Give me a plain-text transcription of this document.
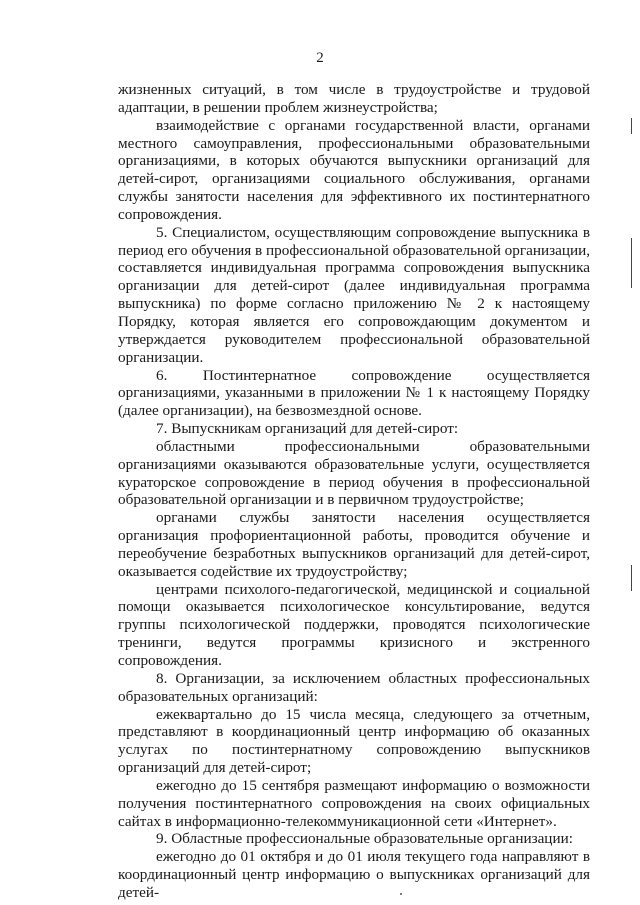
2

жизненных ситуаций, в том числе в трудоустройстве и трудовой адаптации, в решении проблем жизнеустройства;

взаимодействие с органами государственной власти, органами местного самоуправления, профессиональными образовательными организациями, в которых обучаются выпускники организаций для детей-сирот, организациями социального обслуживания, органами службы занятости населения для эффективного их постинтернатного сопровождения.

5. Специалистом, осуществляющим сопровождение выпускника в период его обучения в профессиональной образовательной организации, составляется индивидуальная программа сопровождения выпускника организации для детей-сирот (далее индивидуальная программа выпускника) по форме согласно приложению № 2 к настоящему Порядку, которая является его сопровождающим документом и утверждается руководителем профессиональной образовательной организации.

6. Постинтернатное сопровождение осуществляется организациями, указанными в приложении № 1 к настоящему Порядку (далее организации), на безвозмездной основе.

7. Выпускникам организаций для детей-сирот:

областными профессиональными образовательными организациями оказываются образовательные услуги, осуществляется кураторское сопровождение в период обучения в профессиональной образовательной организации и в первичном трудоустройстве;

органами службы занятости населения осуществляется организация профориентационной работы, проводится обучение и переобучение безработных выпускников организаций для детей-сирот, оказывается содействие их трудоустройству;

центрами психолого-педагогической, медицинской и социальной помощи оказывается психологическое консультирование, ведутся группы психологической поддержки, проводятся психологические тренинги, ведутся программы кризисного и экстренного сопровождения.

8. Организации, за исключением областных профессиональных образовательных организаций:

ежеквартально до 15 числа месяца, следующего за отчетным, представляют в координационный центр информацию об оказанных услугах по постинтернатному сопровождению выпускников организаций для детей-сирот;

ежегодно до 15 сентября размещают информацию о возможности получения постинтернатного сопровождения на своих официальных сайтах в информационно-телекоммуникационной сети «Интернет».

9. Областные профессиональные образовательные организации:

ежегодно до 01 октября и до 01 июля текущего года направляют в координационный центр информацию о выпускниках организаций для детей-
